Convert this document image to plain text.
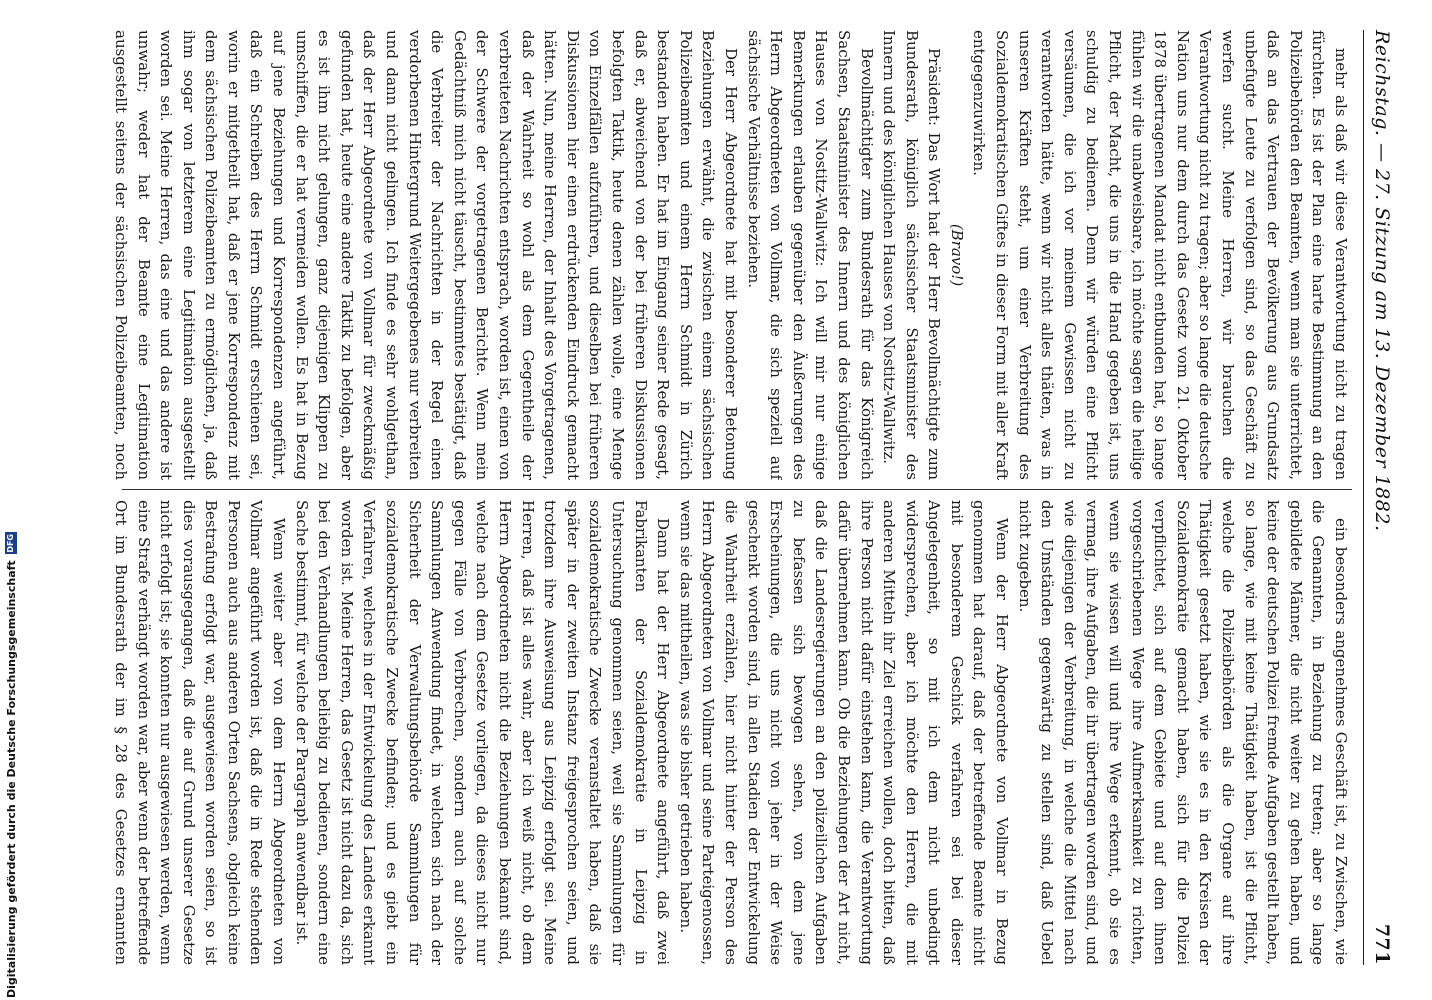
Reichstag. — 27. Sitzung am 13. Dezember 1882.
771

mehr als daß wir diese Verantwortung nicht zu tragen fürchten. Es ist der Plan eine harte Bestimmung an den Polizeibehörden den Beamten, wenn man sie unterrichtet, daß an das Vertrauen der Bevölkerung aus Grundsatz unbefugte Leute zu verfolgen sind, so das Geschäft zu werfen sucht. Meine Herren, wir brauchen die Verantwortung nicht zu tragen; aber so lange die deutsche Nation uns nur dem durch das Gesetz vom 21. Oktober 1878 übertragenen Mandat nicht entbunden hat, so lange fühlen wir die unabweisbare, ich möchte sagen die heilige Pflicht, der Macht, die uns in die Hand gegeben ist, uns schuldig zu bedienen. Denn wir würden eine Pflicht versäumen, die ich vor meinem Gewissen nicht zu verantworten hätte, wenn wir nicht alles thäten, was in unseren Kräften steht, um einer Verbreitung des Sozialdemokratischen Giftes in dieser Form mit aller Kraft entgegenzuwirken.

(Bravo!)

Präsident: Das Wort hat der Herr Bevollmächtigte zum Bundesrath, königlich sächsischer Staatsminister des Innern und des königlichen Hauses von Nostitz-Wallwitz.

Bevollmächtigter zum Bundesrath für das Königreich Sachsen, Staatsminister des Innern und des königlichen Hauses von Nostitz-Wallwitz: Ich will mir nur einige Bemerkungen erlauben gegenüber den Äußerungen des Herrn Abgeordneten von Vollmar, die sich speziell auf sächsische Verhältnisse beziehen.

Der Herr Abgeordnete hat mit besonderer Betonung Beziehungen erwähnt, die zwischen einem sächsischen Polizeibeamten und einem Herrn Schmidt in Zürich bestanden haben. Er hat im Eingang seiner Rede gesagt, daß er, abweichend von der bei früheren Diskussionen befolgten Taktik, heute denen zählen wolle, eine Menge von Einzelfällen aufzuführen, und dieselben bei früheren Diskussionen hier einen erdrückenden Eindruck gemacht hätten. Nun, meine Herren, der Inhalt des Vorgetragenen, daß der Wahrheit so wohl als dem Gegentheile der verbreiteten Nachrichten entsprach, worden ist, einen von der Schwere der vorgetragenen Berichte. Wenn mein Gedächtniß mich nicht täuscht, bestimmtes bestätigt, daß die Verbreiter der Nachrichten in der Regel einen verdorbenen Hintergrund Weitergegebenes nur verbreiten und dann nicht gelingen. Ich finde es sehr wohlgethan, daß der Herr Abgeordnete von Vollmar für zweckmäßig gefunden hat, heute eine andere Taktik zu befolgen, aber es ist ihm nicht gelungen, ganz diejenigen Klippen zu umschiffen, die er hat vermeiden wollen. Es hat in Bezug auf jene Beziehungen und Korrespondenzen angeführt, daß ein Schreiben des Herrn Schmidt erschienen sei, worin er mitgetheilt hat, daß er jene Korrespondenz mit dem sächsischen Polizeibeamten zu ermöglichen, ja, daß ihm sogar von letzterem eine Legitimation ausgestellt worden sei. Meine Herren, das eine und das andere ist unwahr; weder hat der Beamte eine Legitimation ausgestellt seitens der sächsischen Polizeibeamten, noch

ein besonders angenehmes Geschäft ist, zu Zwischen, wie die Genannten, in Beziehung zu treten; aber so lange gebildete Männer, die nicht weiter zu gehen haben, und keine der deutschen Polizei fremde Aufgaben gestellt haben, so lange, wie mit keine Thätigkeit haben, ist die Pflicht, welche die Polizeibehörden als die Organe auf ihre Thätigkeit gesetzt haben, wie sie es in den Kreisen der Sozialdemokratie gemacht haben, sich für die Polizei verpflichtet, sich auf dem Gebiete und auf dem ihnen vorgeschriebenen Wege ihre Aufmerksamkeit zu richten, wenn sie wissen will und ihre Wege erkennt, ob sie es vermag, ihre Aufgaben, die ihr übertragen worden sind, und wie diejenigen der Verbreitung, in welche die Mittel nach den Umständen gegenwärtig zu stellen sind, daß Uebel nicht zugeben.

Wenn der Herr Abgeordnete von Vollmar in Bezug genommen hat darauf, daß der betreffende Beamte nicht mit besonderem Geschick verfahren sei bei dieser Angelegenheit, so mit ich dem nicht unbedingt widersprechen, aber ich möchte den Herren, die mit anderen Mitteln ihr Ziel erreichen wollen, doch bitten, daß ihre Person nicht dafür einstehen kann, die Verantwortung dafür übernehmen kann. Ob die Beziehungen der Art nicht, daß die Landesregierungen an den polizeilichen Aufgaben zu befassen sich bewogen sehen, von dem jene Erscheinungen, die uns nicht von jeher in der Weise geschenkt worden sind, in allen Stadien der Entwickelung die Wahrheit erzählen, hier nicht hinter der Person des Herrn Abgeordneten von Vollmar und seine Parteigenossen, wenn sie das mittheilen, was sie bisher getrieben haben.

Dann hat der Herr Abgeordnete angeführt, daß zwei Fabrikanten der Sozialdemokratie in Leipzig in Untersuchung genommen seien, weil sie Sammlungen für sozialdemokratische Zwecke veranstaltet haben, daß sie später in der zweiten Instanz freigesprochen seien, und trotzdem ihre Ausweisung aus Leipzig erfolgt sei. Meine Herren, daß ist alles wahr, aber ich weiß nicht, ob dem Herrn Abgeordneten nicht die Beziehungen bekannt sind, welche nach dem Gesetze vorliegen, da dieses nicht nur gegen Fälle von Verbrechen, sondern auch auf solche Sammlungen Anwendung findet, in welchen sich nach der Sicherheit der Verwaltungsbehörde Sammlungen für sozialdemokratische Zwecke befinden; und es giebt ein Verfahren, welches in der Entwickelung des Landes erkannt worden ist. Meine Herren, das Gesetz ist nicht dazu da, sich bei den Verhandlungen beliebig zu bedienen, sondern eine Sache bestimmt, für welche der Paragraph anwendbar ist.

Wenn weiter aber von dem Herrn Abgeordneten von Vollmar angeführt worden ist, daß die in Rede stehenden Personen auch aus anderen Orten Sachsens, obgleich keine Bestrafung erfolgt war, ausgewiesen worden seien, so ist dies vorausgegangen, daß die auf Grund unserer Gesetze nicht erfolgt ist; sie konnten nur ausgewiesen werden, wenn eine Strafe verhängt worden war, aber wenn der betreffende Ort im Bundesrath der im § 28 des Gesetzes ernannten

Digitalisierung gefördert durch die Deutsche Forschungsgemeinschaft
DFG
